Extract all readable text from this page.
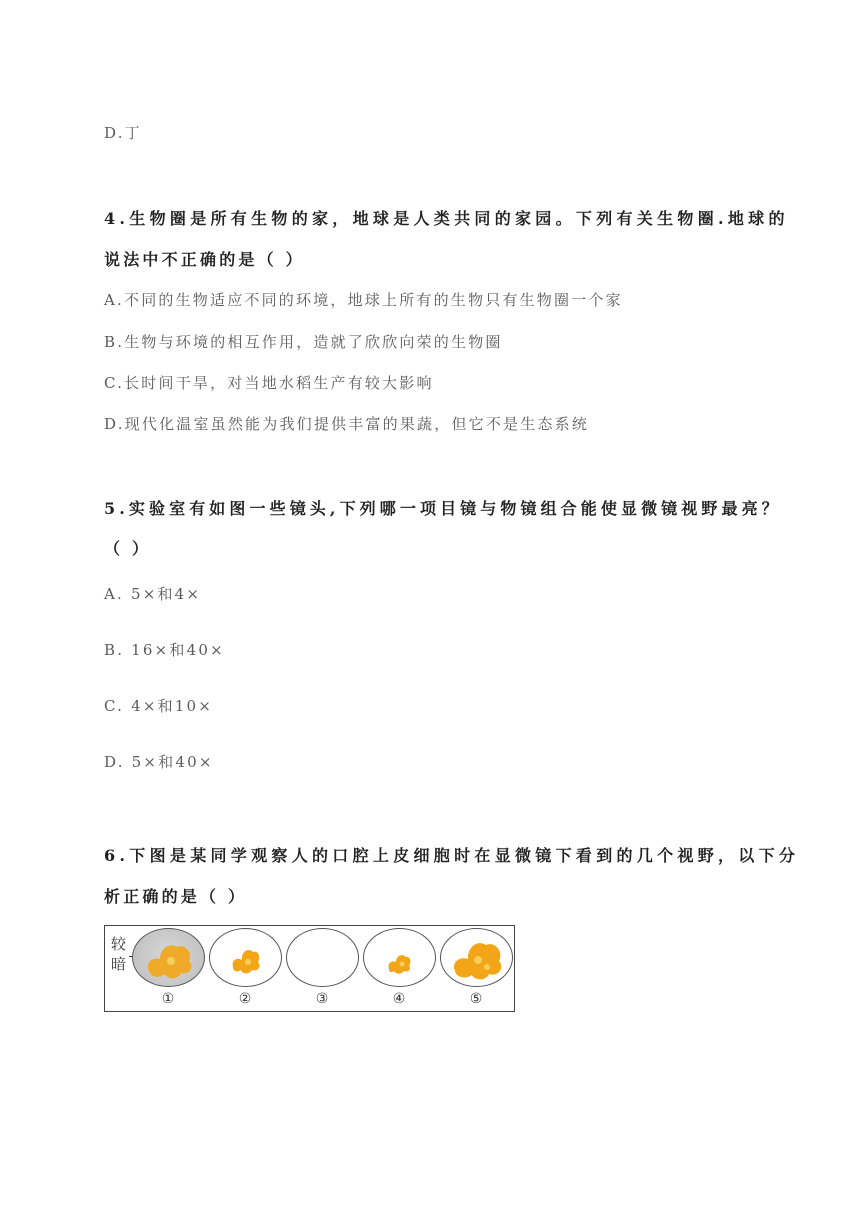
D.丁
4.生物圈是所有生物的家，地球是人类共同的家园。下列有关生物圈.地球的
说法中不正确的是（ ）
A.不同的生物适应不同的环境，地球上所有的生物只有生物圈一个家
B.生物与环境的相互作用，造就了欣欣向荣的生物圈
C.长时间干旱，对当地水稻生产有较大影响
D.现代化温室虽然能为我们提供丰富的果蔬，但它不是生态系统
5.实验室有如图一些镜头,下列哪一项目镜与物镜组合能使显微镜视野最亮？
（ ）
A. 5×和4×
B. 16×和40×
C. 4×和10×
D. 5×和40×
6.下图是某同学观察人的口腔上皮细胞时在显微镜下看到的几个视野，以下分
析正确的是（ ）
较暗
①	②	③	④	⑤
